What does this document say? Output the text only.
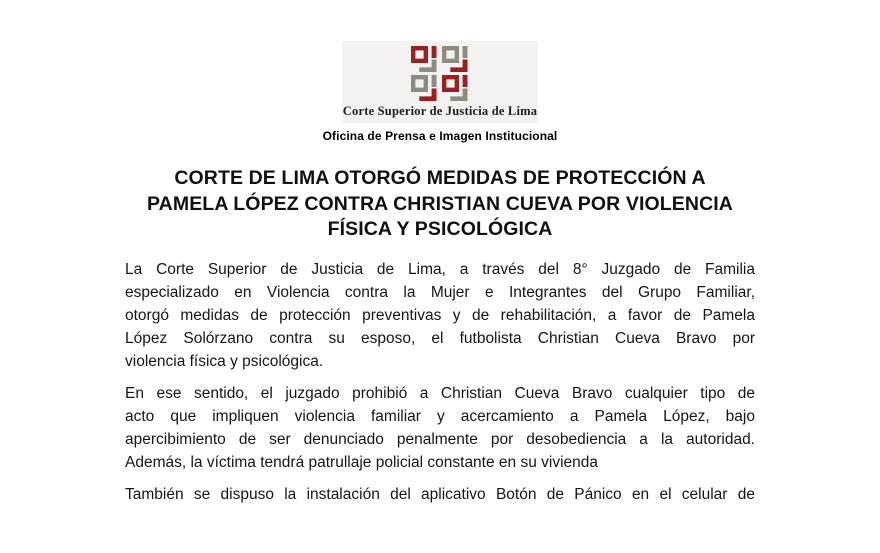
Corte Superior de Justicia de Lima
Oficina de Prensa e Imagen Institucional
CORTE DE LIMA OTORGÓ MEDIDAS DE PROTECCIÓN A
PAMELA LÓPEZ CONTRA CHRISTIAN CUEVA POR VIOLENCIA
FÍSICA Y PSICOLÓGICA

La Corte Superior de Justicia de Lima, a través del 8° Juzgado de Familia
especializado en Violencia contra la Mujer e Integrantes del Grupo Familiar,
otorgó medidas de protección preventivas y de rehabilitación, a favor de Pamela
López Solórzano contra su esposo, el futbolista Christian Cueva Bravo por
violencia física y psicológica.

En ese sentido, el juzgado prohibió a Christian Cueva Bravo cualquier tipo de
acto que impliquen violencia familiar y acercamiento a Pamela López, bajo
apercibimiento de ser denunciado penalmente por desobediencia a la autoridad.
Además, la víctima tendrá patrullaje policial constante en su vivienda

También se dispuso la instalación del aplicativo Botón de Pánico en el celular de
